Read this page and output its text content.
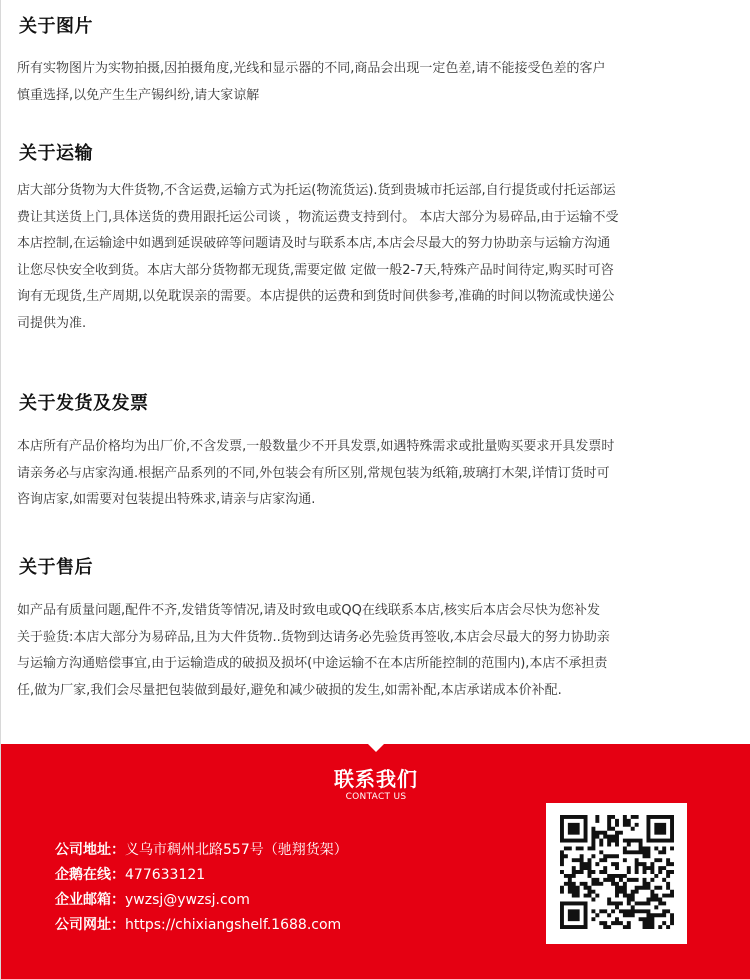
关于图片
所有实物图片为实物拍摄,因拍摄角度,光线和显示器的不同,商品会出现一定色差,请不能接受色差的客户
慎重选择,以免产生生产锡纠纷,请大家谅解
关于运输
店大部分货物为大件货物,不含运费,运输方式为托运(物流货运).货到贵城市托运部,自行提货或付托运部运
费让其送货上门,具体送货的费用跟托运公司谈 ，物流运费支持到付。 本店大部分为易碎品,由于运输不受
本店控制,在运输途中如遇到延误破碎等问题请及时与联系本店,本店会尽最大的努力协助亲与运输方沟通
让您尽快安全收到货。本店大部分货物都无现货,需要定做 定做一般2-7天,特殊产品时间待定,购买时可咨
询有无现货,生产周期,以免耽误亲的需要。本店提供的运费和到货时间供参考,准确的时间以物流或快递公
司提供为准.
关于发货及发票
本店所有产品价格均为出厂价,不含发票,一般数量少不开具发票,如遇特殊需求或批量购买要求开具发票时
请亲务必与店家沟通.根据产品系列的不同,外包装会有所区别,常规包装为纸箱,玻璃打木架,详情订货时可
咨询店家,如需要对包装提出特殊求,请亲与店家沟通.
关于售后
如产品有质量问题,配件不齐,发错货等情况,请及时致电或QQ在线联系本店,核实后本店会尽快为您补发
关于验货:本店大部分为易碎品,且为大件货物..货物到达请务必先验货再签收,本店会尽最大的努力协助亲
与运输方沟通赔偿事宜,由于运输造成的破损及损坏(中途运输不在本店所能控制的范围内),本店不承担责
任,做为厂家,我们会尽量把包装做到最好,避免和减少破损的发生,如需补配,本店承诺成本价补配.
联系我们
CONTACT US
公司地址：义乌市稠州北路557号（驰翔货架）
企鹅在线：477633121
企业邮箱：ywzsj@ywzsj.com
公司网址：https://chixiangshelf.1688.com
